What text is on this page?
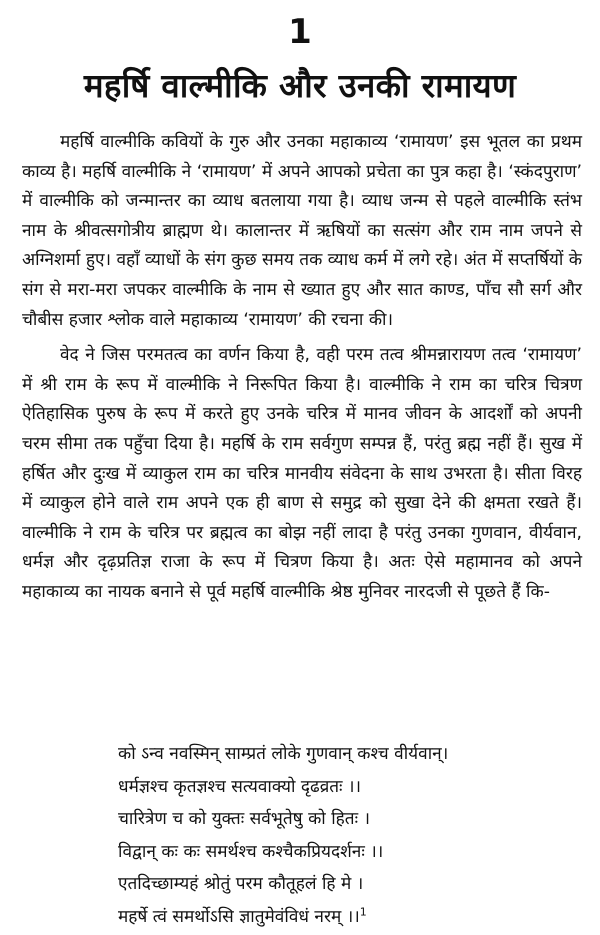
1
महर्षि वाल्मीकि और उनकी रामायण

महर्षि वाल्मीकि कवियों के गुरु और उनका महाकाव्य ‘रामायण’ इस भूतल का प्रथम काव्य है। महर्षि वाल्मीकि ने ‘रामायण’ में अपने आपको प्रचेता का पुत्र कहा है। ‘स्कंदपुराण’ में वाल्मीकि को जन्मान्तर का व्याध बतलाया गया है। व्याध जन्म से पहले वाल्मीकि स्तंभ नाम के श्रीवत्सगोत्रीय ब्राह्मण थे। कालान्तर में ऋषियों का सत्संग और राम नाम जपने से अग्निशर्मा हुए। वहाँ व्याधों के संग कुछ समय तक व्याध कर्म में लगे रहे। अंत में सप्तर्षियों के संग से मरा-मरा जपकर वाल्मीकि के नाम से ख्यात हुए और सात काण्ड, पाँच सौ सर्ग और चौबीस हजार श्लोक वाले महाकाव्य ‘रामायण’ की रचना की।

वेद ने जिस परमतत्व का वर्णन किया है, वही परम तत्व श्रीमन्नारायण तत्व ‘रामायण’ में श्री राम के रूप में वाल्मीकि ने निरूपित किया है। वाल्मीकि ने राम का चरित्र चित्रण ऐतिहासिक पुरुष के रूप में करते हुए उनके चरित्र में मानव जीवन के आदर्शों को अपनी चरम सीमा तक पहुँचा दिया है। महर्षि के राम सर्वगुण सम्पन्न हैं, परंतु ब्रह्म नहीं हैं। सुख में हर्षित और दुःख में व्याकुल राम का चरित्र मानवीय संवेदना के साथ उभरता है। सीता विरह में व्याकुल होने वाले राम अपने एक ही बाण से समुद्र को सुखा देने की क्षमता रखते हैं। वाल्मीकि ने राम के चरित्र पर ब्रह्मत्व का बोझ नहीं लादा है परंतु उनका गुणवान, वीर्यवान, धर्मज्ञ और दृढ़प्रतिज्ञ राजा के रूप में चित्रण किया है। अतः ऐसे महामानव को अपने महाकाव्य का नायक बनाने से पूर्व महर्षि वाल्मीकि श्रेष्ठ मुनिवर नारदजी से पूछते हैं कि-

को ऽन्व नवस्मिन् साम्प्रतं लोके गुणवान् कश्च वीर्यवान्।
धर्मज्ञश्च कृतज्ञश्च सत्यवाक्यो दृढव्रतः ।।
चारित्रेण च को युक्तः सर्वभूतेषु को हितः ।
विद्वान् कः कः समर्थश्च कश्चैकप्रियदर्शनः ।।
एतदिच्छाम्यहं श्रोतुं परम कौतूहलं हि मे ।
महर्षे त्वं समर्थोऽसि ज्ञातुमेवंविधं नरम् ।।$^1$
